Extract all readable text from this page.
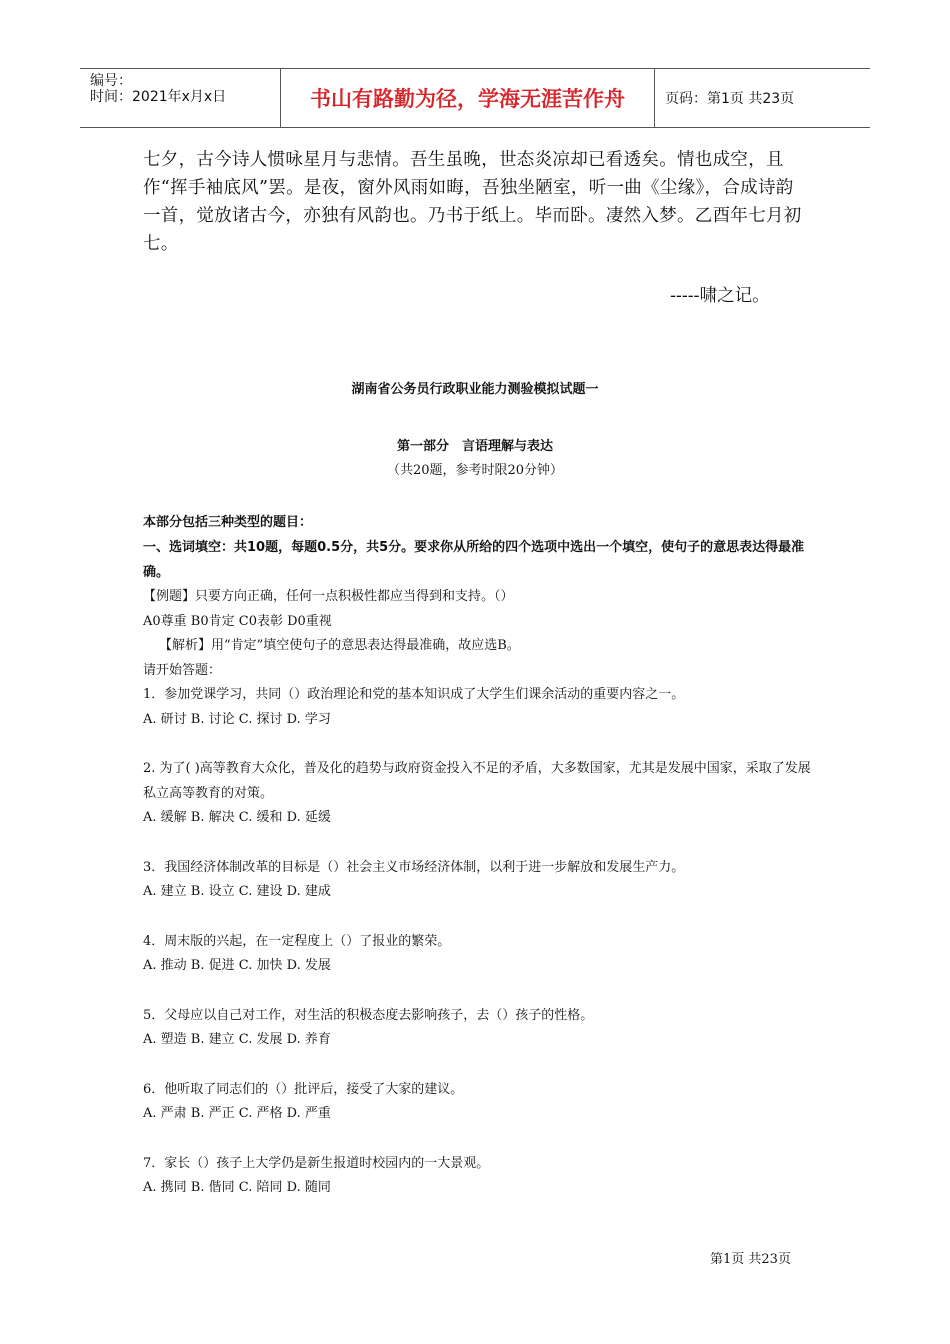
编号：
时间：2021年x月x日	书山有路勤为径，学海无涯苦作舟	页码：第1页 共23页

七夕，古今诗人惯咏星月与悲情。吾生虽晚，世态炎凉却已看透矣。情也成空，且作“挥手袖底风”罢。是夜，窗外风雨如晦，吾独坐陋室，听一曲《尘缘》，合成诗韵一首，觉放诸古今，亦独有风韵也。乃书于纸上。毕而卧。凄然入梦。乙酉年七月初七。

-----啸之记。
湖南省公务员行政职业能力测验模拟试题一
第一部分　言语理解与表达
（共20题，参考时限20分钟）
本部分包括三种类型的题目：
一、选词填空：共10题，每题0.5分，共5分。要求你从所给的四个选项中选出一个填空，使句子的意思表达得最准确。
【例题】只要方向正确，任何一点积极性都应当得到和支持。（）
A0尊重 B0肯定 C0表彰 D0重视
【解析】用“肯定”填空使句子的意思表达得最准确，故应选B。
请开始答题：
1．参加党课学习，共同（）政治理论和党的基本知识成了大学生们课余活动的重要内容之一。
A. 研讨 B. 讨论 C. 探讨 D. 学习
2. 为了( )高等教育大众化，普及化的趋势与政府资金投入不足的矛盾，大多数国家，尤其是发展中国家，采取了发展私立高等教育的对策。
A. 缓解 B. 解决 C. 缓和 D. 延缓
3．我国经济体制改革的目标是（）社会主义市场经济体制，以利于进一步解放和发展生产力。
A. 建立 B. 设立 C. 建设 D. 建成
4．周末版的兴起，在一定程度上（）了报业的繁荣。
A. 推动 B. 促进 C. 加快 D. 发展
5．父母应以自己对工作，对生活的积极态度去影响孩子，去（）孩子的性格。
A. 塑造 B. 建立 C. 发展 D. 养育
6．他听取了同志们的（）批评后，接受了大家的建议。
A. 严肃 B. 严正 C. 严格 D. 严重
7．家长（）孩子上大学仍是新生报道时校园内的一大景观。
A. 携同 B. 偕同 C. 陪同 D. 随同
第1页 共23页
